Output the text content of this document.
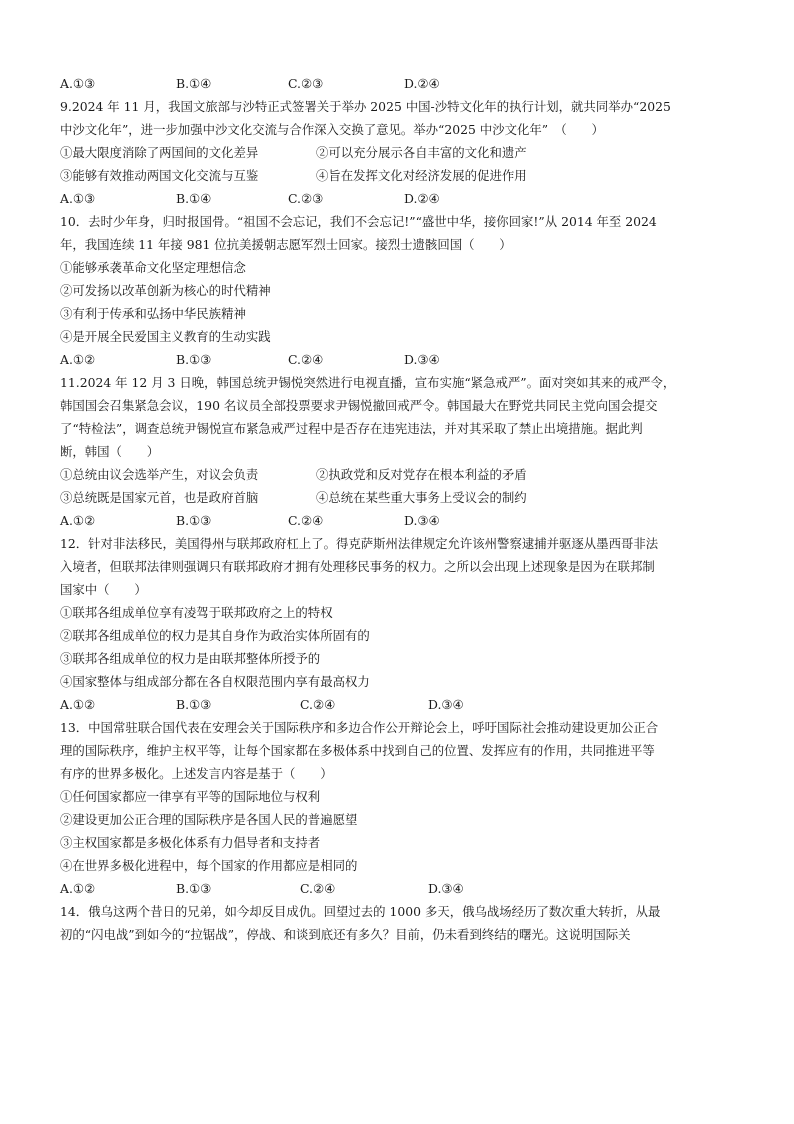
A.①③	B.①④	C.②③	D.②④
9.2024 年 11 月，我国文旅部与沙特正式签署关于举办 2025 中国-沙特文化年的执行计划，就共同举办“2025
中沙文化年”，进一步加强中沙文化交流与合作深入交换了意见。举办“2025 中沙文化年”　（　　）
①最大限度消除了两国间的文化差异	②可以充分展示各自丰富的文化和遗产
③能够有效推动两国文化交流与互鉴	④旨在发挥文化对经济发展的促进作用
A.①③	B.①④	C.②③	D.②④
10．去时少年身，归时报国骨。“祖国不会忘记，我们不会忘记!”“盛世中华，接你回家!”从 2014 年至 2024
年，我国连续 11 年接 981 位抗美援朝志愿军烈士回家。接烈士遗骸回国（　　）
①能够承袭革命文化坚定理想信念
②可发扬以改革创新为核心的时代精神
③有利于传承和弘扬中华民族精神
④是开展全民爱国主义教育的生动实践
A.①②	B.①③	C.②④	D.③④
11.2024 年 12 月 3 日晚，韩国总统尹锡悦突然进行电视直播，宣布实施“紧急戒严”。面对突如其来的戒严令，
韩国国会召集紧急会议，190 名议员全部投票要求尹锡悦撤回戒严令。韩国最大在野党共同民主党向国会提交
了“特检法”，调查总统尹锡悦宣布紧急戒严过程中是否存在违宪违法，并对其采取了禁止出境措施。据此判
断，韩国（　　）
①总统由议会选举产生，对议会负责	②执政党和反对党存在根本利益的矛盾
③总统既是国家元首，也是政府首脑	④总统在某些重大事务上受议会的制约
A.①②	B.①③	C.②④	D.③④
12．针对非法移民，美国得州与联邦政府杠上了。得克萨斯州法律规定允许该州警察逮捕并驱逐从墨西哥非法
入境者，但联邦法律则强调只有联邦政府才拥有处理移民事务的权力。之所以会出现上述现象是因为在联邦制
国家中（　　）
①联邦各组成单位享有凌驾于联邦政府之上的特权
②联邦各组成单位的权力是其自身作为政治实体所固有的
③联邦各组成单位的权力是由联邦整体所授予的
④国家整体与组成部分都在各自权限范围内享有最高权力
A.①②	B.①③	C.②④	D.③④
13．中国常驻联合国代表在安理会关于国际秩序和多边合作公开辩论会上，呼吁国际社会推动建设更加公正合
理的国际秩序，维护主权平等，让每个国家都在多极体系中找到自己的位置、发挥应有的作用，共同推进平等
有序的世界多极化。上述发言内容是基于（　　）
①任何国家都应一律享有平等的国际地位与权利
②建设更加公正合理的国际秩序是各国人民的普遍愿望
③主权国家都是多极化体系有力倡导者和支持者
④在世界多极化进程中，每个国家的作用都应是相同的
A.①②	B.①③	C.②④	D.③④
14．俄乌这两个昔日的兄弟，如今却反目成仇。回望过去的 1000 多天，俄乌战场经历了数次重大转折，从最
初的“闪电战”到如今的“拉锯战”，停战、和谈到底还有多久？目前，仍未看到终结的曙光。这说明国际关
